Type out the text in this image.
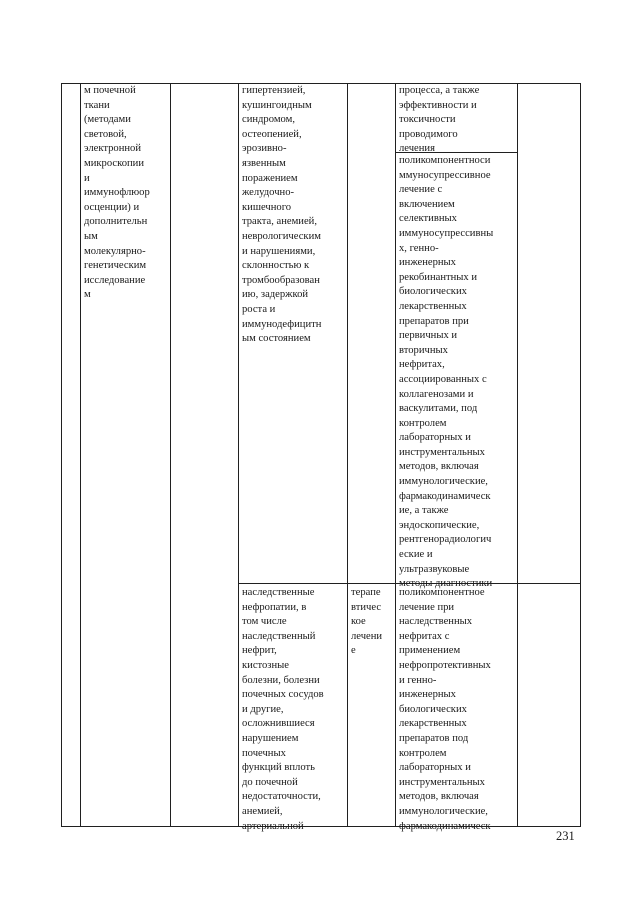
м почечной
ткани
(методами
световой,
электронной
микроскопии
и
иммунофлюор
осценции) и
дополнительн
ым
молекулярно-
генетическим
исследование
м
гипертензией,
кушингоидным
синдромом,
остеопенией,
эрозивно-
язвенным
поражением
желудочно-
кишечного
тракта, анемией,
неврологическим
и нарушениями,
склонностью к
тромбообразован
ию, задержкой
роста и
иммунодефицитн
ым состоянием
процесса, а также
эффективности и
токсичности
проводимого
лечения
поликомпонентноси
ммуносупрессивное
лечение с
включением
селективных
иммуносупрессивны
х, генно-
инженерных
рекобинантных и
биологических
лекарственных
препаратов при
первичных и
вторичных
нефритах,
ассоциированных с
коллагенозами и
васкулитами, под
контролем
лабораторных и
инструментальных
методов, включая
иммунологические,
фармакодинамическ
ие, а также
эндоскопические,
рентгенорадиологич
еские и
ультразвуковые
методы диагностики
наследственные
нефропатии, в
том числе
наследственный
нефрит,
кистозные
болезни, болезни
почечных сосудов
и другие,
осложнившиеся
нарушением
почечных
функций вплоть
до почечной
недостаточности,
анемией,
артериальной
терапе
втичес
кое
лечени
е
поликомпонентное
лечение при
наследственных
нефритах с
применением
нефропротективных
и генно-
инженерных
биологических
лекарственных
препаратов под
контролем
лабораторных и
инструментальных
методов, включая
иммунологические,
фармакодинамическ
231
